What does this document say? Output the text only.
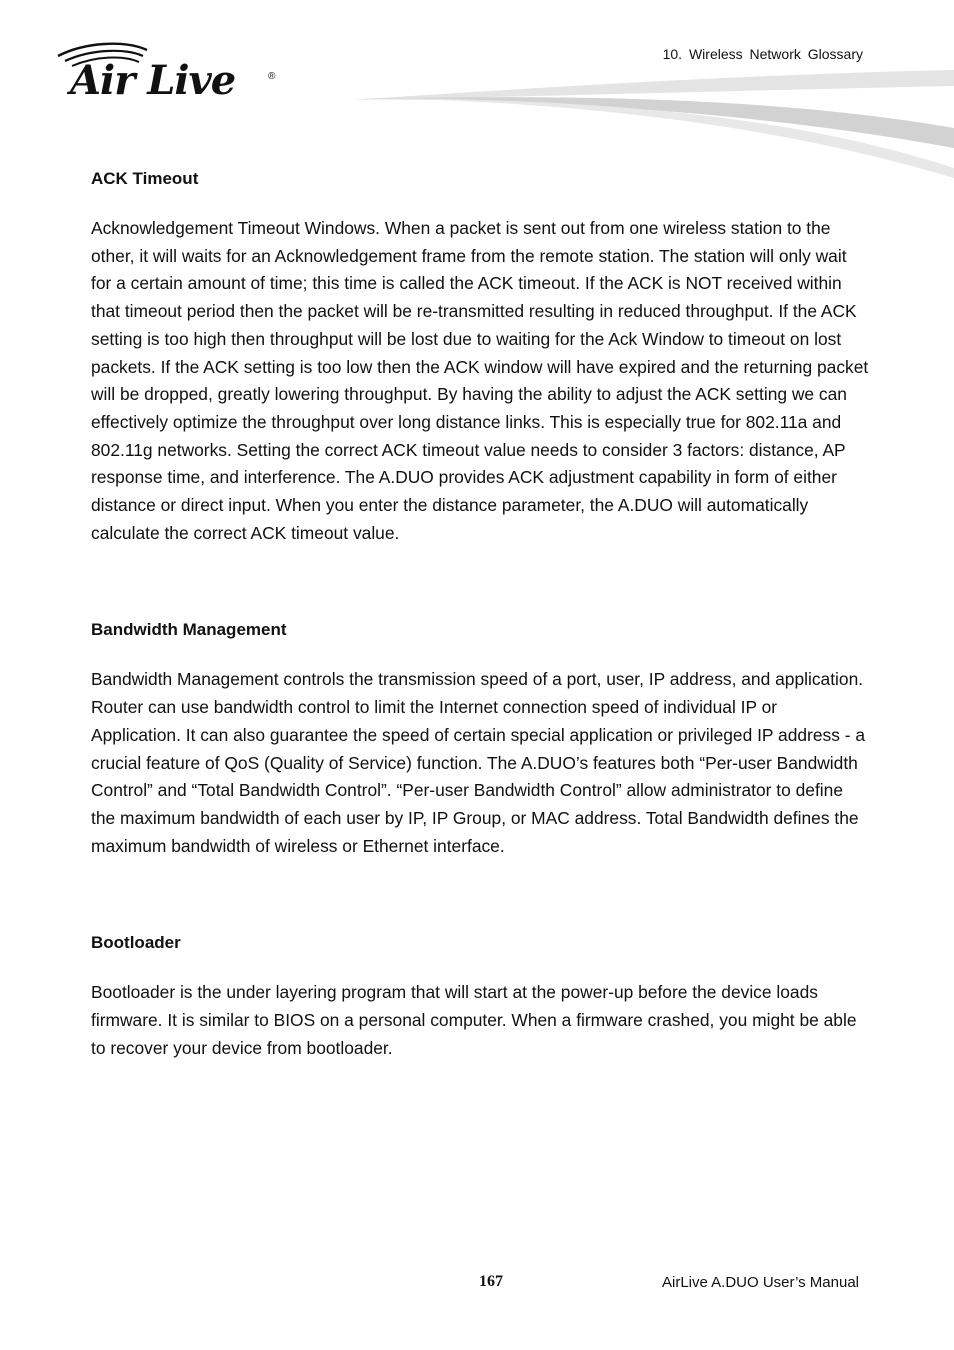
Air Live	®
10. Wireless Network Glossary
ACK Timeout

Acknowledgement Timeout Windows. When a packet is sent out from one wireless station to the other, it will waits for an Acknowledgement frame from the remote station. The station will only wait for a certain amount of time; this time is called the ACK timeout. If the ACK is NOT received within that timeout period then the packet will be re-transmitted resulting in reduced throughput. If the ACK setting is too high then throughput will be lost due to waiting for the Ack Window to timeout on lost packets. If the ACK setting is too low then the ACK window will have expired and the returning packet will be dropped, greatly lowering throughput. By having the ability to adjust the ACK setting we can effectively optimize the throughput over long distance links. This is especially true for 802.11a and 802.11g networks. Setting the correct ACK timeout value needs to consider 3 factors: distance, AP response time, and interference. The A.DUO provides ACK adjustment capability in form of either distance or direct input. When you enter the distance parameter, the A.DUO will automatically calculate the correct ACK timeout value.

Bandwidth Management

Bandwidth Management controls the transmission speed of a port, user, IP address, and application. Router can use bandwidth control to limit the Internet connection speed of individual IP or Application. It can also guarantee the speed of certain special application or privileged IP address - a crucial feature of QoS (Quality of Service) function. The A.DUO’s features both “Per-user Bandwidth Control” and “Total Bandwidth Control”. “Per-user Bandwidth Control” allow administrator to define the maximum bandwidth of each user by IP, IP Group, or MAC address. Total Bandwidth defines the maximum bandwidth of wireless or Ethernet interface.

Bootloader

Bootloader is the under layering program that will start at the power-up before the device loads firmware. It is similar to BIOS on a personal computer. When a firmware crashed, you might be able to recover your device from bootloader.

167	AirLive A.DUO User’s Manual
